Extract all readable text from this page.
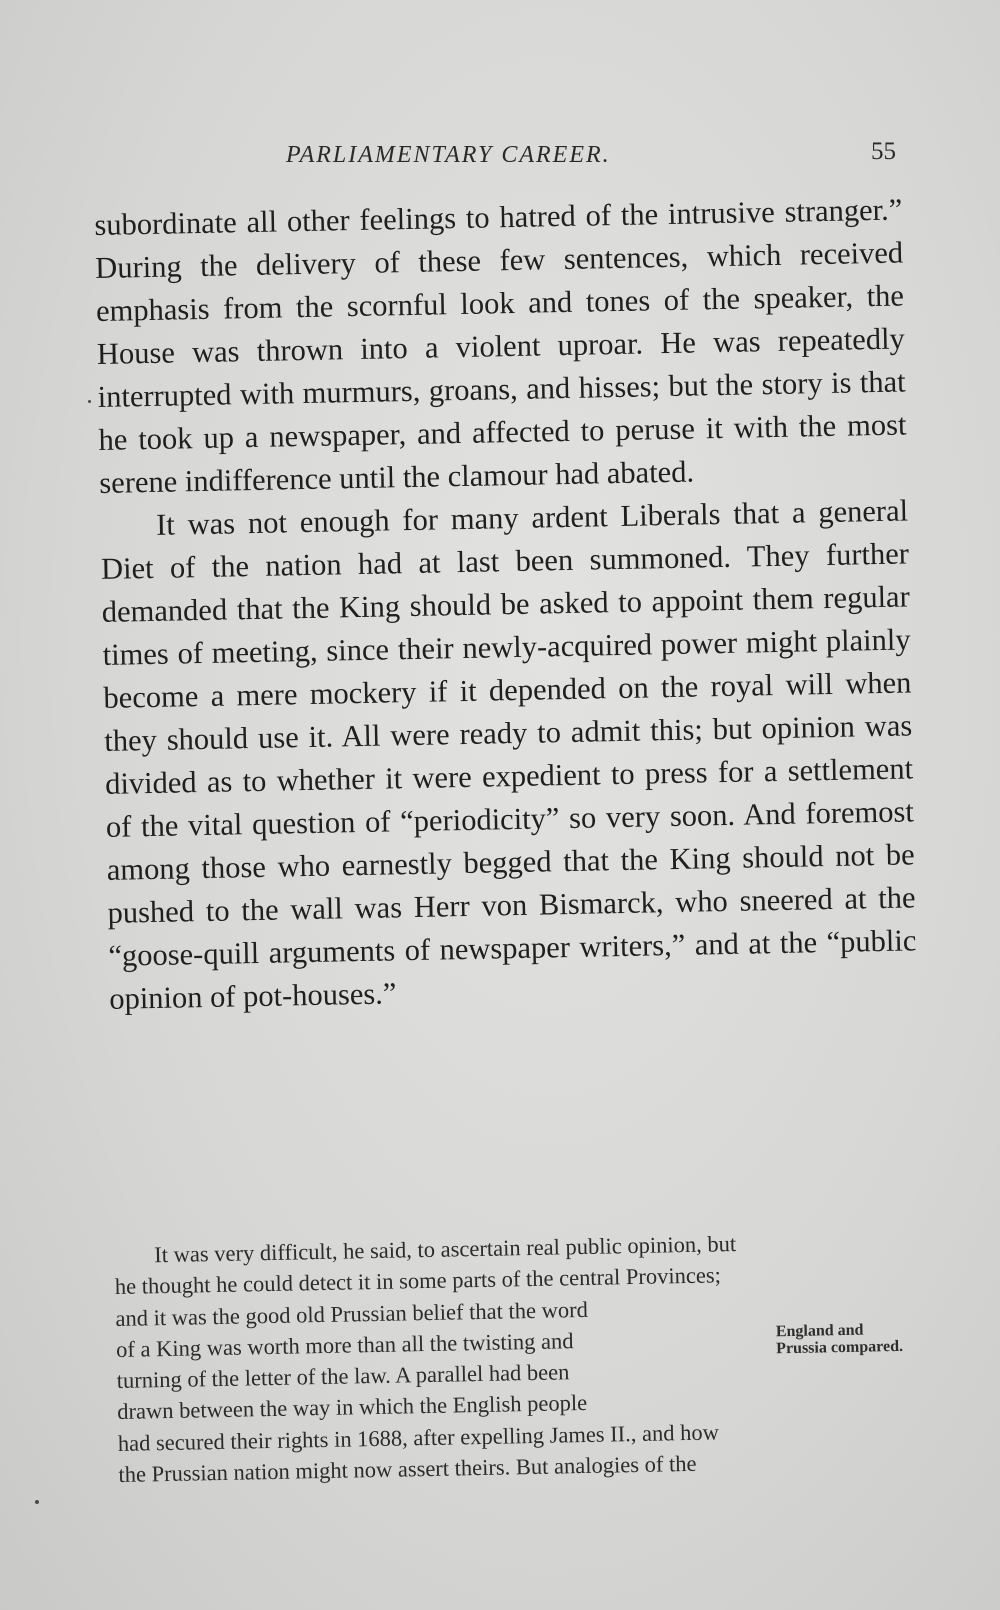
PARLIAMENTARY CAREER.	55

subordinate all other feelings to hatred of the intrusive stranger.” During the delivery of these few sentences, which received emphasis from the scornful look and tones of the speaker, the House was thrown into a violent uproar. He was repeatedly interrupted with murmurs, groans, and hisses; but the story is that he took up a newspaper, and affected to peruse it with the most serene indifference until the clamour had abated.

It was not enough for many ardent Liberals that a general Diet of the nation had at last been summoned. They further demanded that the King should be asked to appoint them regular times of meeting, since their newly-acquired power might plainly become a mere mockery if it depended on the royal will when they should use it. All were ready to admit this; but opinion was divided as to whether it were expedient to press for a settlement of the vital question of “periodicity” so very soon. And foremost among those who earnestly begged that the King should not be pushed to the wall was Herr von Bismarck, who sneered at the “goose-quill arguments of newspaper writers,” and at the “public opinion of pot-houses.”

It was very difficult, he said, to ascertain real public opinion, but
he thought he could detect it in some parts of the central Provinces;
and it was the good old Prussian belief that the word
of a King was worth more than all the twisting and
turning of the letter of the law. A parallel had been
drawn between the way in which the English people
had secured their rights in 1688, after expelling James II., and how
the Prussian nation might now assert theirs. But analogies of the
England and Prussia compared.
